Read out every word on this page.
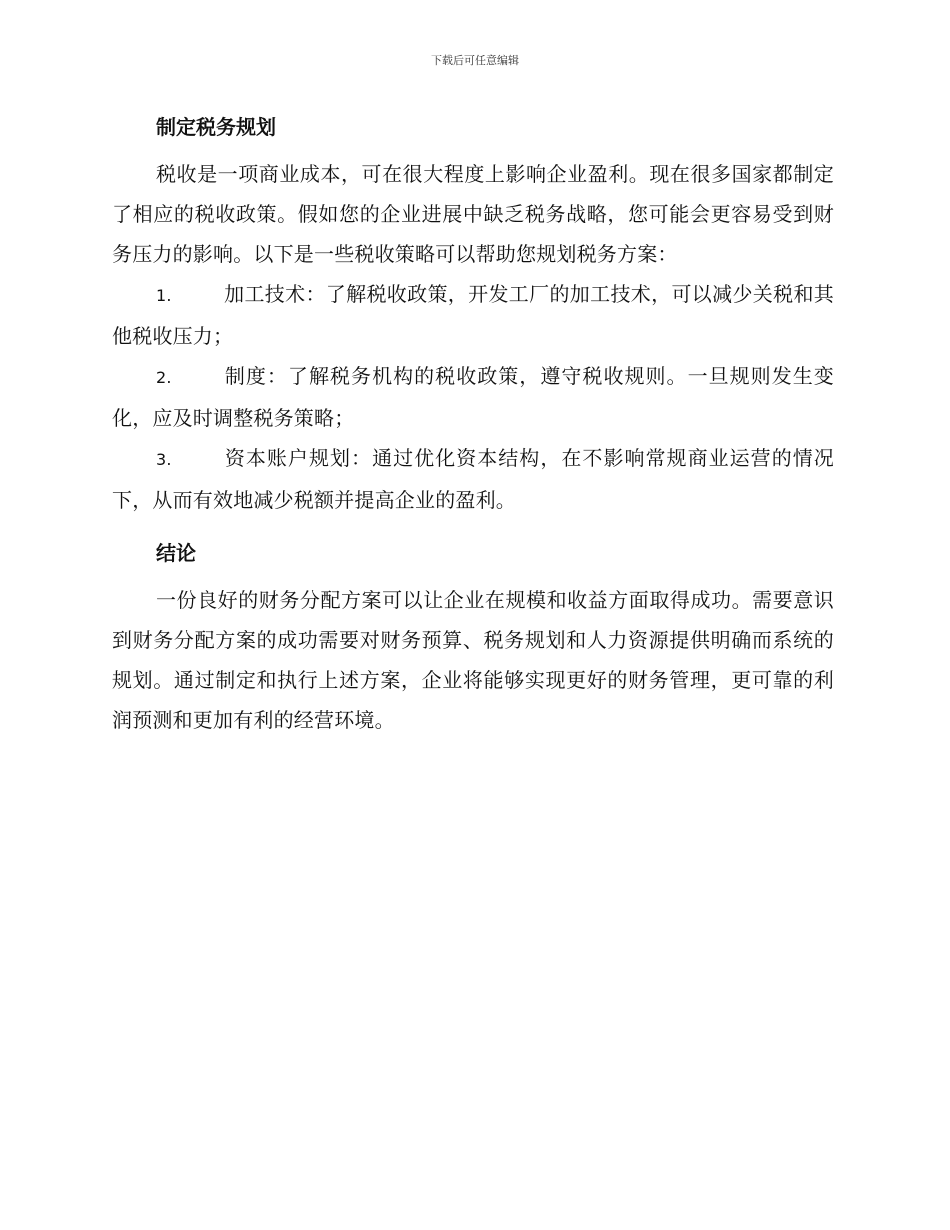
下载后可任意编辑
制定税务规划

税收是一项商业成本，可在很大程度上影响企业盈利。现在很多国家都制定了相应的税收政策。假如您的企业进展中缺乏税务战略，您可能会更容易受到财务压力的影响。以下是一些税收策略可以帮助您规划税务方案：

1.	加工技术：了解税收政策，开发工厂的加工技术，可以减少关税和其他税收压力；

2.	制度：了解税务机构的税收政策，遵守税收规则。一旦规则发生变化，应及时调整税务策略；

3.	资本账户规划：通过优化资本结构，在不影响常规商业运营的情况下，从而有效地减少税额并提高企业的盈利。

结论

一份良好的财务分配方案可以让企业在规模和收益方面取得成功。需要意识到财务分配方案的成功需要对财务预算、税务规划和人力资源提供明确而系统的规划。通过制定和执行上述方案，企业将能够实现更好的财务管理，更可靠的利润预测和更加有利的经营环境。
